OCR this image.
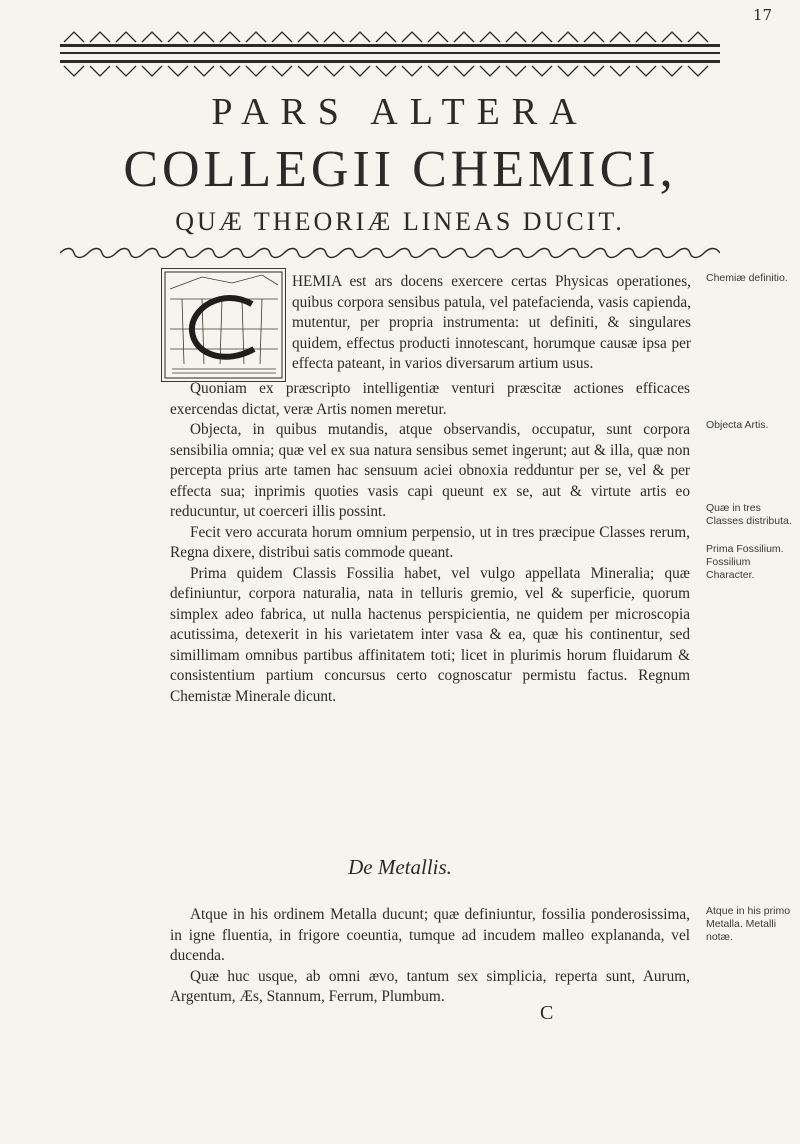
17
PARS ALTERA
COLLEGII CHEMICI,
QUÆ THEORIÆ LINEAS DUCIT.

HEMIA est ars docens exercere certas Physicas operationes, quibus corpora sensibus patula, vel patefacienda, vasis capienda, mutentur, per propria instrumenta: ut definiti, & singulares quidem, effectus producti innotescant, horumque causæ ipsa per effecta pateant, in varios diversarum artium usus.

Quoniam ex præscripto intelligentiæ venturi præscitæ actiones efficaces exercendas dictat, veræ Artis nomen meretur.

Objecta, in quibus mutandis, atque observandis, occupatur, sunt corpora sensibilia omnia; quæ vel ex sua natura sensibus semet ingerunt; aut & illa, quæ non percepta prius arte tamen hac sensuum aciei obnoxia redduntur per se, vel & per effecta sua; inprimis quoties vasis capi queunt ex se, aut & virtute artis eo reducuntur, ut coerceri illis possint.

Fecit vero accurata horum omnium perpensio, ut in tres præcipue Classes rerum, Regna dixere, distribui satis commode queant.

Prima quidem Classis Fossilia habet, vel vulgo appellata Mineralia; quæ definiuntur, corpora naturalia, nata in telluris gremio, vel & superficie, quorum simplex adeo fabrica, ut nulla hactenus perspicientia, ne quidem per microscopia acutissima, detexerit in his varietatem inter vasa & ea, quæ his continentur, sed simillimam omnibus partibus affinitatem toti; licet in plurimis horum fluidarum & consistentium partium concursus certo cognoscatur permistu factus. Regnum Chemistæ Minerale dicunt.

De Metallis.

Atque in his ordinem Metalla ducunt; quæ definiuntur, fossilia ponderosissima, in igne fluentia, in frigore coeuntia, tumque ad incudem malleo explananda, vel ducenda.

Quæ huc usque, ab omni ævo, tantum sex simplicia, reperta sunt, Aurum, Argentum, Æs, Stannum, Ferrum, Plumbum.

C
Chemiæ definitio.
Objecta Artis.
Quæ in tres Classes distributa.
Prima Fossilium. Fossilium Character.
Atque in his primo Metalla. Metalli notæ.
